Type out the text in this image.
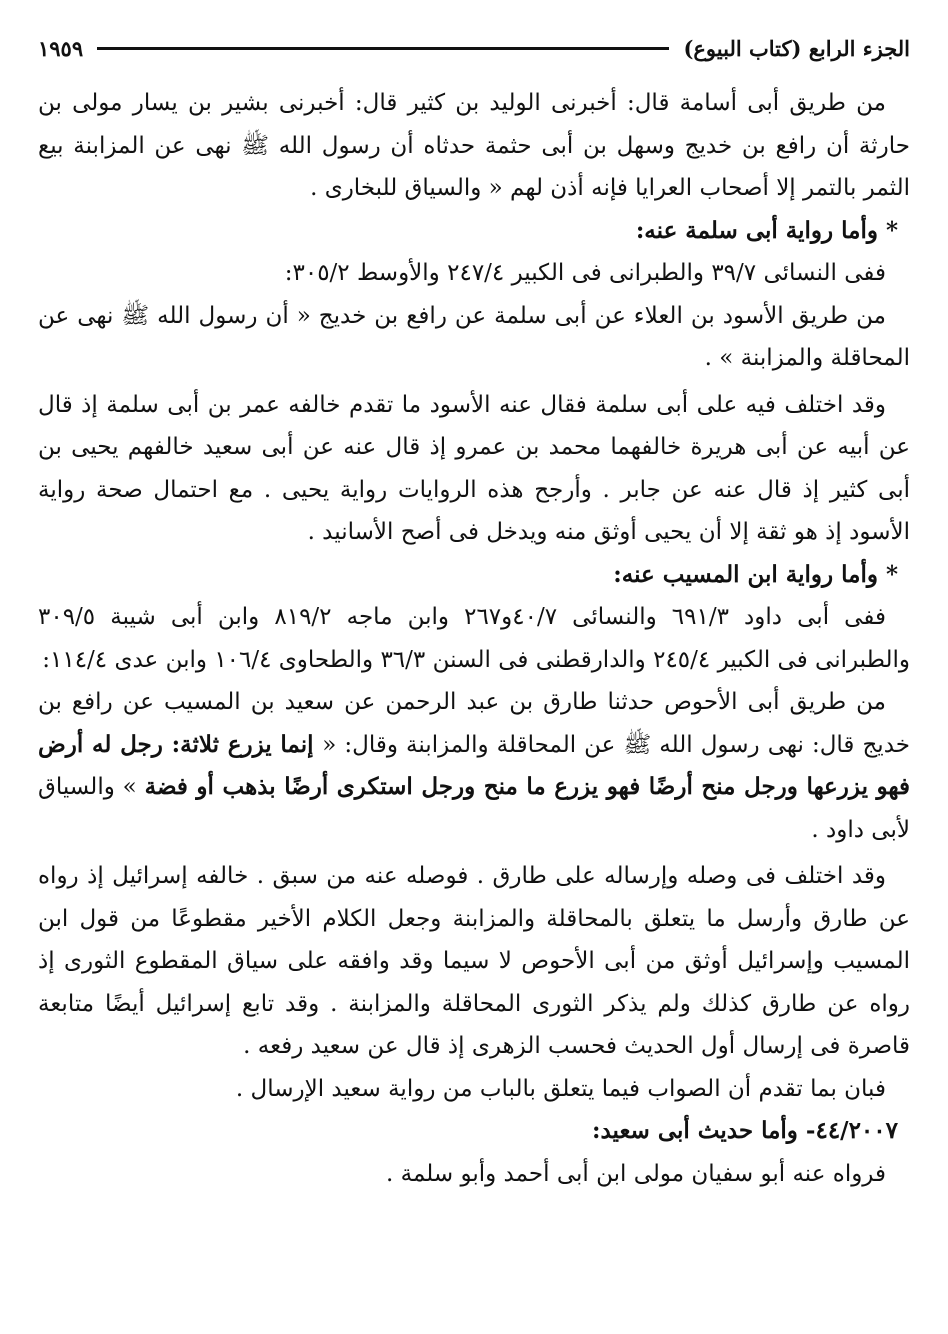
الجزء الرابع (كتاب البيوع)
١٩٥٩

من طريق أبى أسامة قال: أخبرنى الوليد بن كثير قال: أخبرنى بشير بن يسار مولى بن حارثة أن رافع بن خديج وسهل بن أبى حثمة حدثاه أن رسول الله ﷺ نهى عن المزابنة بيع الثمر بالتمر إلا أصحاب العرايا فإنه أذن لهم « والسياق للبخارى .

* وأما رواية أبى سلمة عنه:

ففى النسائى ٣٩/٧ والطبرانى فى الكبير ٢٤٧/٤ والأوسط ٣٠٥/٢:

من طريق الأسود بن العلاء عن أبى سلمة عن رافع بن خديج « أن رسول الله ﷺ نهى عن المحاقلة والمزابنة » .

وقد اختلف فيه على أبى سلمة فقال عنه الأسود ما تقدم خالفه عمر بن أبى سلمة إذ قال عن أبيه عن أبى هريرة خالفهما محمد بن عمرو إذ قال عنه عن أبى سعيد خالفهم يحيى بن أبى كثير إذ قال عنه عن جابر . وأرجح هذه الروايات رواية يحيى . مع احتمال صحة رواية الأسود إذ هو ثقة إلا أن يحيى أوثق منه ويدخل فى أصح الأسانيد .

* وأما رواية ابن المسيب عنه:

ففى أبى داود ٦٩١/٣ والنسائى ٤٠/٧و٢٦٧ وابن ماجه ٨١٩/٢ وابن أبى شيبة ٣٠٩/٥ والطبرانى فى الكبير ٢٤٥/٤ والدارقطنى فى السنن ٣٦/٣ والطحاوى ١٠٦/٤ وابن عدى ١١٤/٤:

من طريق أبى الأحوص حدثنا طارق بن عبد الرحمن عن سعيد بن المسيب عن رافع بن خديج قال: نهى رسول الله ﷺ عن المحاقلة والمزابنة وقال: « إنما يزرع ثلاثة: رجل له أرض فهو يزرعها ورجل منح أرضًا فهو يزرع ما منح ورجل استكرى أرضًا بذهب أو فضة » والسياق لأبى داود .

وقد اختلف فى وصله وإرساله على طارق . فوصله عنه من سبق . خالفه إسرائيل إذ رواه عن طارق وأرسل ما يتعلق بالمحاقلة والمزابنة وجعل الكلام الأخير مقطوعًا من قول ابن المسيب وإسرائيل أوثق من أبى الأحوص لا سيما وقد وافقه على سياق المقطوع الثورى إذ رواه عن طارق كذلك ولم يذكر الثورى المحاقلة والمزابنة . وقد تابع إسرائيل أيضًا متابعة قاصرة فى إرسال أول الحديث فحسب الزهرى إذ قال عن سعيد رفعه .

فبان بما تقدم أن الصواب فيما يتعلق بالباب من رواية سعيد الإرسال .

٤٤/٢٠٠٧- وأما حديث أبى سعيد:

فرواه عنه أبو سفيان مولى ابن أبى أحمد وأبو سلمة .
